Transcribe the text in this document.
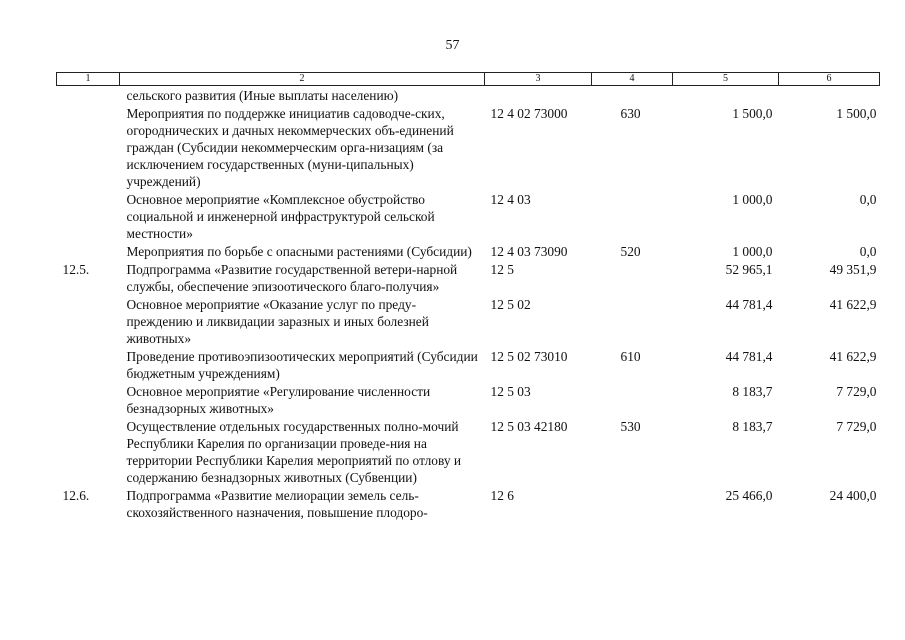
57
1	2	3	4	5	6
	сельского развития (Иные выплаты населению)				
	Мероприятия по поддержке инициатив садоводче-ских, огороднических и дачных некоммерческих объ-единений граждан (Субсидии некоммерческим орга-низациям (за исключением государственных (муни-ципальных) учреждений)	12 4 02 73000	630	1 500,0	1 500,0
	Основное мероприятие «Комплексное обустройство социальной и инженерной инфраструктурой сельской местности»	12 4 03		1 000,0	0,0
	Мероприятия по борьбе с опасными растениями (Субсидии)	12 4 03 73090	520	1 000,0	0,0
12.5.	Подпрограмма «Развитие государственной ветери-нарной службы, обеспечение эпизоотического благо-получия»	12 5		52 965,1	49 351,9
	Основное мероприятие «Оказание услуг по преду-преждению и ликвидации заразных и иных болезней животных»	12 5 02		44 781,4	41 622,9
	Проведение противоэпизоотических мероприятий (Субсидии бюджетным учреждениям)	12 5 02 73010	610	44 781,4	41 622,9
	Основное мероприятие «Регулирование численности безнадзорных животных»	12 5 03		8 183,7	7 729,0
	Осуществление отдельных государственных полно-мочий Республики Карелия по организации проведе-ния на территории Республики Карелия мероприятий по отлову и содержанию безнадзорных животных (Субвенции)	12 5 03 42180	530	8 183,7	7 729,0
12.6.	Подпрограмма «Развитие мелиорации земель сель-скохозяйственного назначения, повышение плодоро-	12 6		25 466,0	24 400,0
